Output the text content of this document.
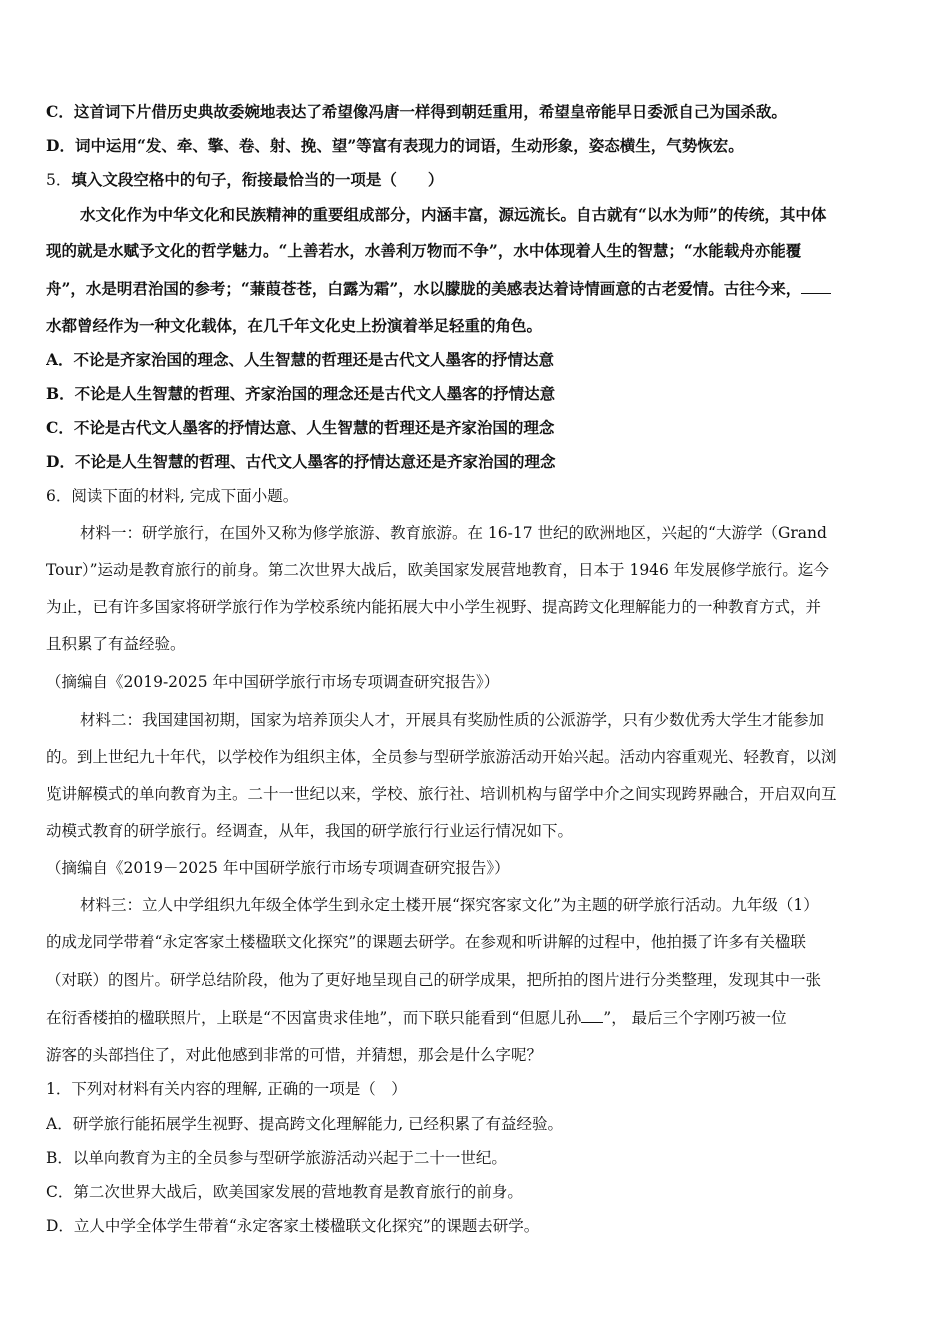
C．这首词下片借历史典故委婉地表达了希望像冯唐一样得到朝廷重用，希望皇帝能早日委派自己为国杀敌。
D．词中运用“发、牵、擎、卷、射、挽、望”等富有表现力的词语，生动形象，姿态横生，气势恢宏。
5．填入文段空格中的句子，衔接最恰当的一项是（　　）
水文化作为中华文化和民族精神的重要组成部分，内涵丰富，源远流长。自古就有“以水为师”的传统，其中体
现的就是水赋予文化的哲学魅力。“上善若水，水善利万物而不争”，水中体现着人生的智慧；“水能载舟亦能覆
舟”，水是明君治国的参考；“蒹葭苍苍，白露为霜”，水以朦胧的美感表达着诗情画意的古老爱情。古往今来，
水都曾经作为一种文化载体，在几千年文化史上扮演着举足轻重的角色。
A．不论是齐家治国的理念、人生智慧的哲理还是古代文人墨客的抒情达意
B．不论是人生智慧的哲理、齐家治国的理念还是古代文人墨客的抒情达意
C．不论是古代文人墨客的抒情达意、人生智慧的哲理还是齐家治国的理念
D．不论是人生智慧的哲理、古代文人墨客的抒情达意还是齐家治国的理念
6．阅读下面的材料, 完成下面小题。
材料一：研学旅行，在国外又称为修学旅游、教育旅游。在 16-17 世纪的欧洲地区，兴起的“大游学（Grand
Tour）”运动是教育旅行的前身。第二次世界大战后，欧美国家发展营地教育，日本于 1946 年发展修学旅行。迄今
为止，已有许多国家将研学旅行作为学校系统内能拓展大中小学生视野、提高跨文化理解能力的一种教育方式，并
且积累了有益经验。
（摘编自《2019-2025 年中国研学旅行市场专项调查研究报告》）
材料二：我国建国初期，国家为培养顶尖人才，开展具有奖励性质的公派游学，只有少数优秀大学生才能参加
的。到上世纪九十年代，以学校作为组织主体，全员参与型研学旅游活动开始兴起。活动内容重观光、轻教育，以浏
览讲解模式的单向教育为主。二十一世纪以来，学校、旅行社、培训机构与留学中介之间实现跨界融合，开启双向互
动模式教育的研学旅行。经调查，从年，我国的研学旅行行业运行情况如下。
（摘编自《2019－2025 年中国研学旅行市场专项调查研究报告》）
材料三：立人中学组织九年级全体学生到永定土楼开展“探究客家文化”为主题的研学旅行活动。九年级（1）
的成龙同学带着“永定客家土楼楹联文化探究”的课题去研学。在参观和听讲解的过程中，他拍摄了许多有关楹联
（对联）的图片。研学总结阶段，他为了更好地呈现自己的研学成果，把所拍的图片进行分类整理，发现其中一张
在衍香楼拍的楹联照片，上联是“不因富贵求佳地”，而下联只能看到“但愿儿孙 ”， 最后三个字刚巧被一位
游客的头部挡住了，对此他感到非常的可惜，并猜想，那会是什么字呢？
1．下列对材料有关内容的理解, 正确的一项是（　）
A．研学旅行能拓展学生视野、提高跨文化理解能力, 已经积累了有益经验。
B．以单向教育为主的全员参与型研学旅游活动兴起于二十一世纪。
C．第二次世界大战后，欧美国家发展的营地教育是教育旅行的前身。
D．立人中学全体学生带着“永定客家土楼楹联文化探究”的课题去研学。
